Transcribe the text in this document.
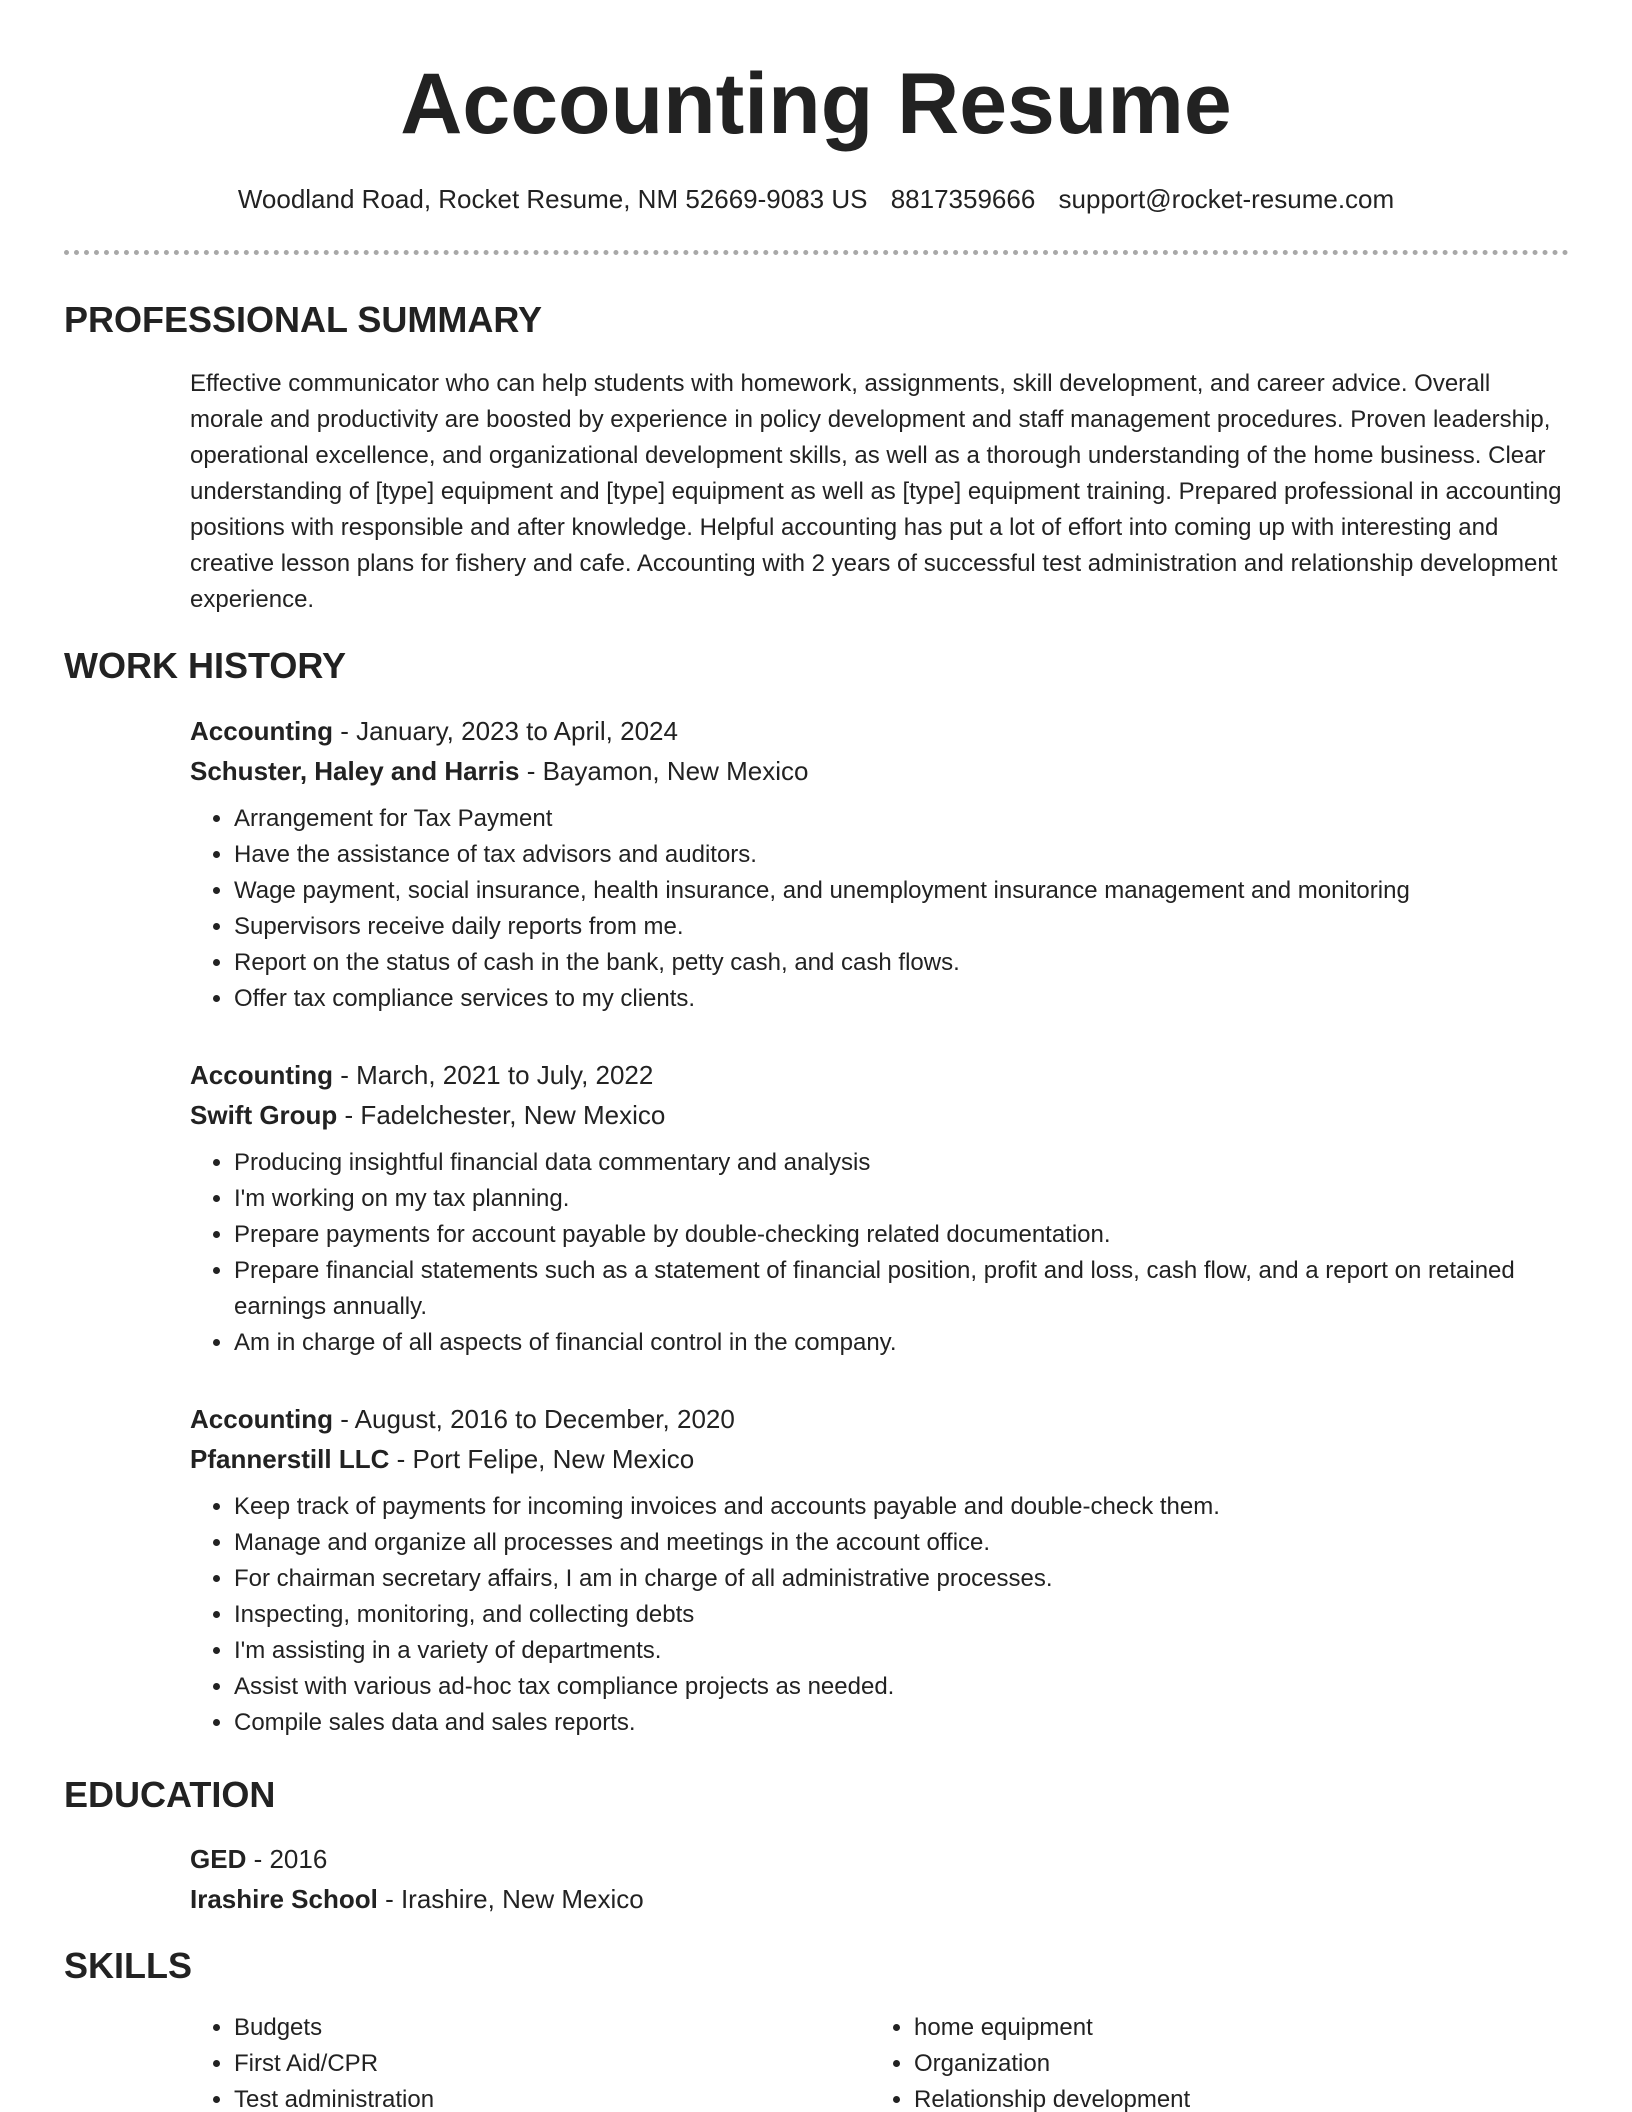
Accounting Resume
Woodland Road, Rocket Resume, NM 52669-9083 US 8817359666 support@rocket-resume.com
PROFESSIONAL SUMMARY

Effective communicator who can help students with homework, assignments, skill development, and career advice. Overall morale and productivity are boosted by experience in policy development and staff management procedures. Proven leadership, operational excellence, and organizational development skills, as well as a thorough understanding of the home business. Clear understanding of [type] equipment and [type] equipment as well as [type] equipment training. Prepared professional in accounting positions with responsible and after knowledge. Helpful accounting has put a lot of effort into coming up with interesting and creative lesson plans for fishery and cafe. Accounting with 2 years of successful test administration and relationship development experience.

WORK HISTORY
Accounting - January, 2023 to April, 2024
Schuster, Haley and Harris - Bayamon, New Mexico
• Arrangement for Tax Payment
• Have the assistance of tax advisors and auditors.
• Wage payment, social insurance, health insurance, and unemployment insurance management and monitoring
• Supervisors receive daily reports from me.
• Report on the status of cash in the bank, petty cash, and cash flows.
• Offer tax compliance services to my clients.
Accounting - March, 2021 to July, 2022
Swift Group - Fadelchester, New Mexico
• Producing insightful financial data commentary and analysis
• I'm working on my tax planning.
• Prepare payments for account payable by double-checking related documentation.
• Prepare financial statements such as a statement of financial position, profit and loss, cash flow, and a report on retained earnings annually.
• Am in charge of all aspects of financial control in the company.
Accounting - August, 2016 to December, 2020
Pfannerstill LLC - Port Felipe, New Mexico
• Keep track of payments for incoming invoices and accounts payable and double-check them.
• Manage and organize all processes and meetings in the account office.
• For chairman secretary affairs, I am in charge of all administrative processes.
• Inspecting, monitoring, and collecting debts
• I'm assisting in a variety of departments.
• Assist with various ad-hoc tax compliance projects as needed.
• Compile sales data and sales reports.
EDUCATION
GED - 2016
Irashire School - Irashire, New Mexico
SKILLS
• Budgets
• First Aid/CPR
• Test administration
• home equipment
• Organization
• Relationship development
